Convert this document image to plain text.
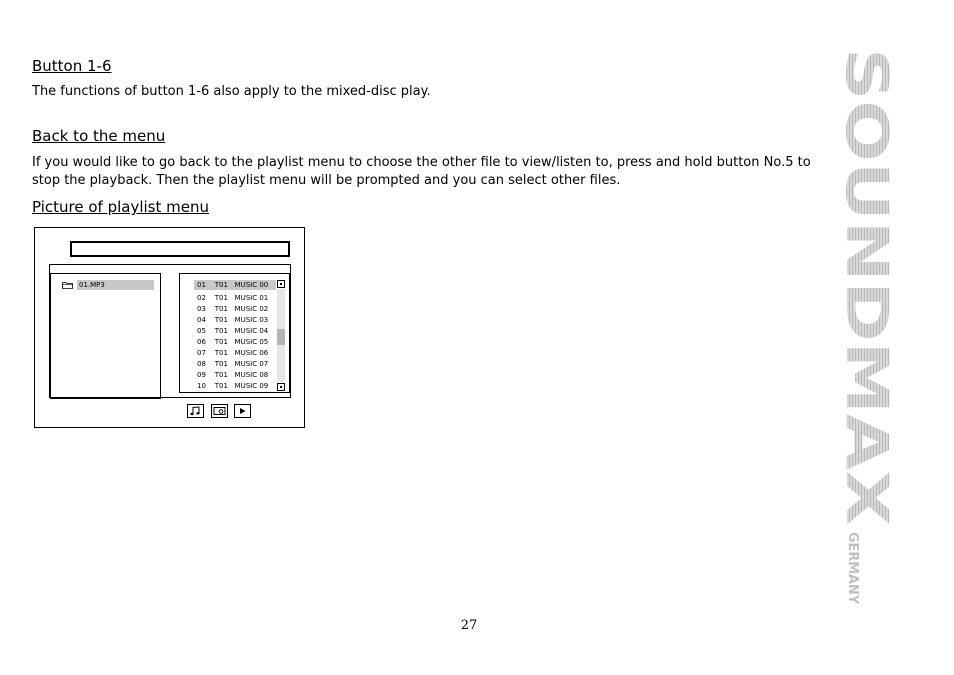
Button 1-6

The functions of button 1-6 also apply to the mixed-disc play.

Back to the menu

If you would like to go back to the playlist menu to choose the other file to view/listen to, press and hold button No.5 to stop the playback. Then the playlist menu will be prompted and you can select other files.

Picture of playlist menu
01.MP3	01	T01 MUSIC 00
02	T01 MUSIC 01
03	T01 MUSIC 02
04	T01 MUSIC 03
05	T01 MUSIC 04
06	T01 MUSIC 05
07	T01 MUSIC 06
08	T01 MUSIC 07
09	T01 MUSIC 08
10	T01 MUSIC 09	SOUNDMAX
GERMANY
27
